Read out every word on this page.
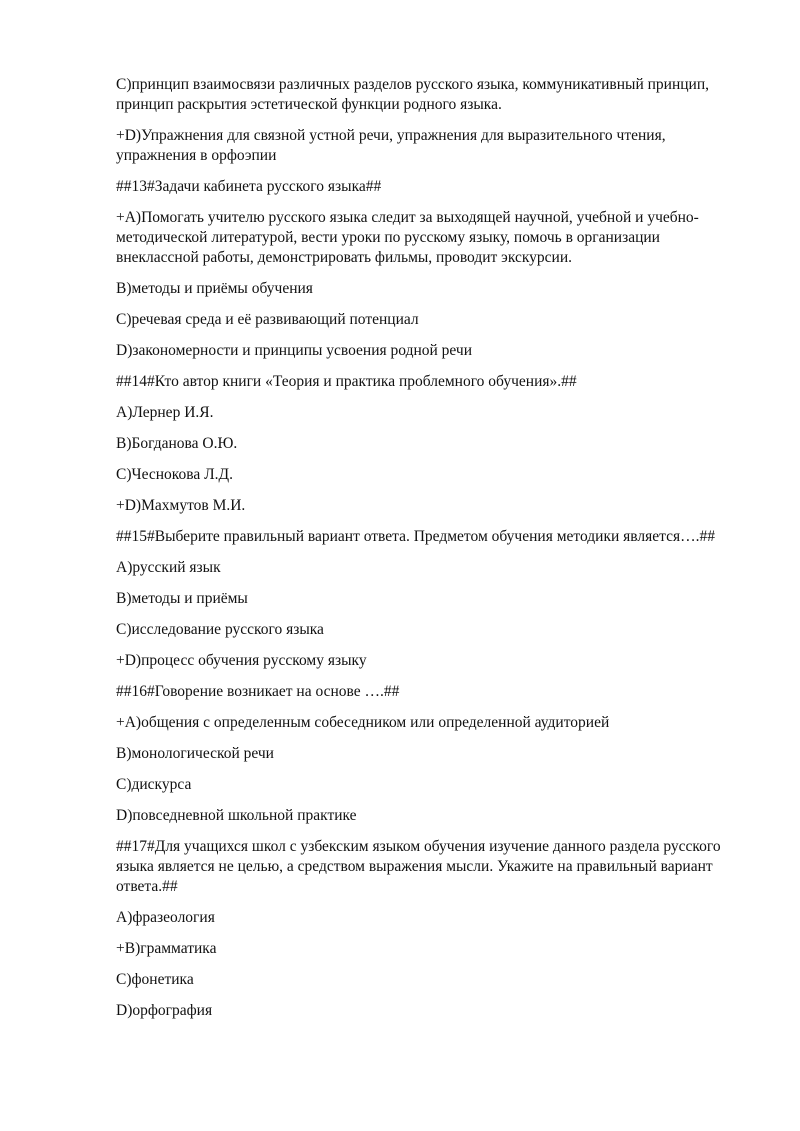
C)принцип взаимосвязи различных разделов русского языка, коммуникативный принцип, принцип раскрытия эстетической функции родного языка.

+D)Упражнения для связной устной речи, упражнения для выразительного чтения, упражнения в орфоэпии

##13#Задачи кабинета русского языка##

+A)Помогать учителю русского языка следит за выходящей научной, учебной и учебно-методической литературой, вести уроки по русскому языку, помочь в организации внеклассной работы, демонстрировать фильмы, проводит экскурсии.

B)методы и приёмы обучения

C)речевая среда и её развивающий потенциал

D)закономерности и принципы усвоения родной речи

##14#Кто автор книги «Теория и практика проблемного обучения».##

A)Лернер И.Я.

B)Богданова О.Ю.

C)Чеснокова Л.Д.

+D)Махмутов М.И.

##15#Выберите правильный вариант ответа. Предметом обучения методики является….##

A)русский язык

B)методы и приёмы

C)исследование русского языка

+D)процесс обучения русскому языку

##16#Говорение возникает на основе ….##

+A)общения с определенным собеседником или определенной аудиторией

B)монологической речи

C)дискурса

D)повседневной школьной практике

##17#Для учащихся школ с узбекским языком обучения изучение данного раздела русского языка является не целью, а средством выражения мысли. Укажите на правильный вариант ответа.##

A)фразеология

+B)грамматика

C)фонетика

D)орфография
